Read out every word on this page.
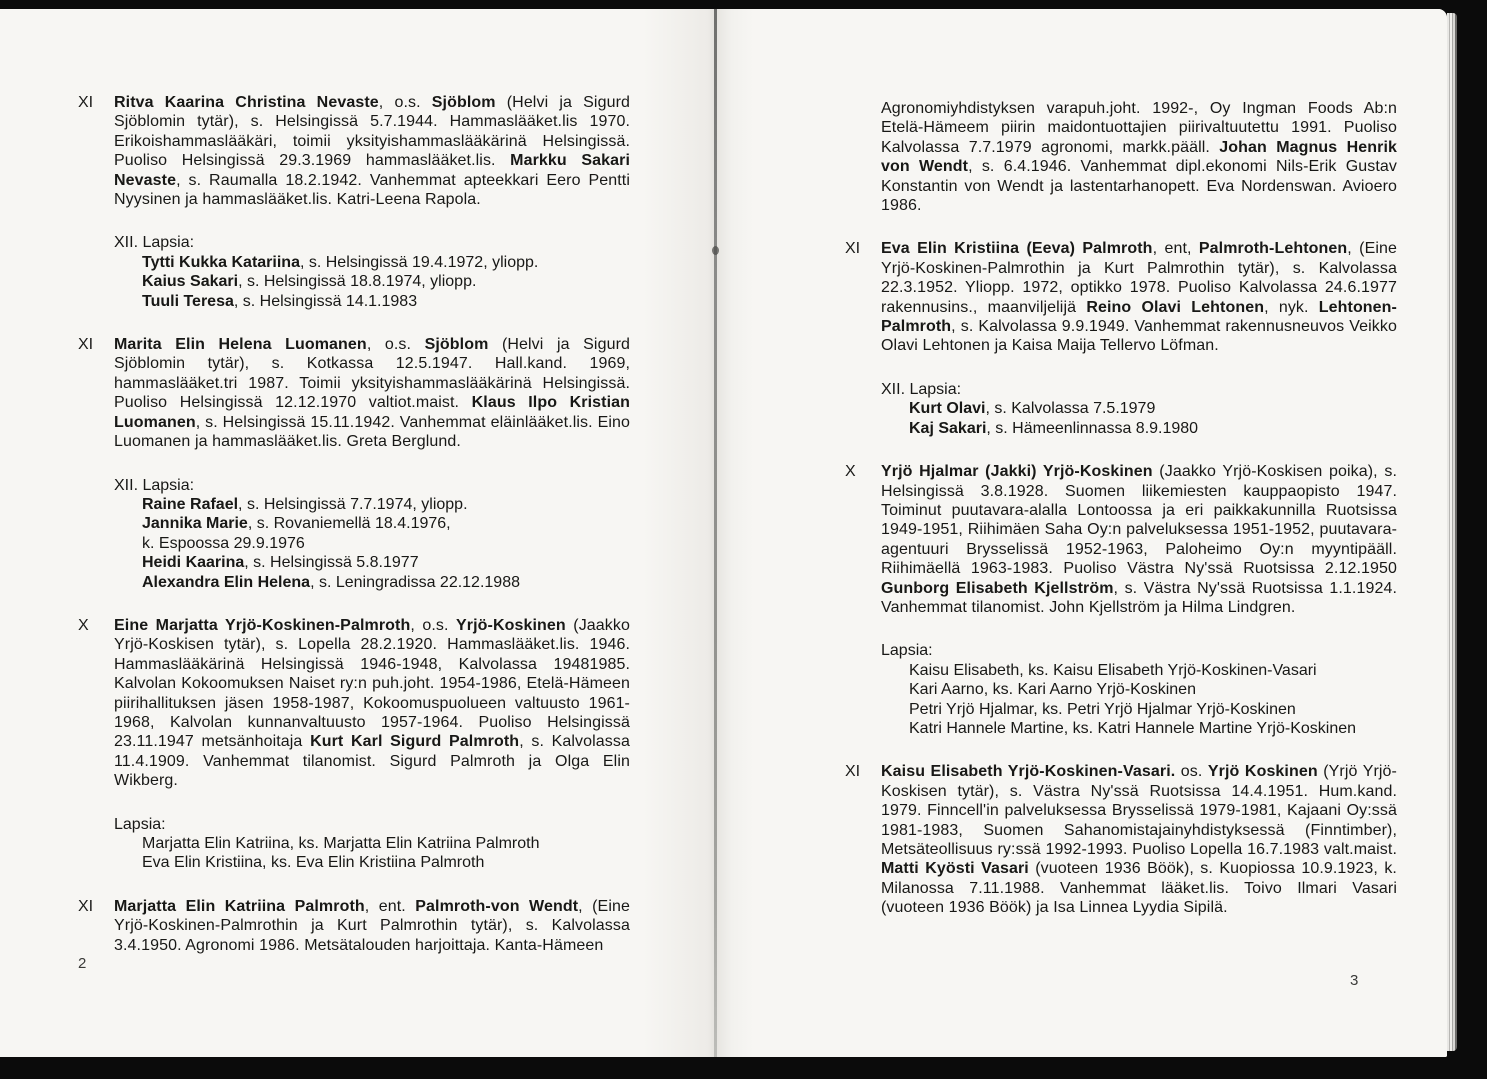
XI	Ritva Kaarina Christina Nevaste, o.s. Sjöblom (Helvi ja Sigurd Sjöblomin tytär), s. Helsingissä 5.7.1944. Hammaslääket.lis 1970. Erikoishammaslääkäri, toimii yksityishammaslääkärinä Helsingissä. Puoliso Helsingissä 29.3.1969 hammaslääket.lis. Markku Sakari Nevaste, s. Raumalla 18.2.1942. Vanhemmat apteekkari Eero Pentti Nyysinen ja hammaslääket.lis. Katri-Leena Rapola.
XII. Lapsia:
Tytti Kukka Katariina, s. Helsingissä 19.4.1972, yliopp.
Kaius Sakari, s. Helsingissä 18.8.1974, yliopp.
Tuuli Teresa, s. Helsingissä 14.1.1983
XI	Marita Elin Helena Luomanen, o.s. Sjöblom (Helvi ja Sigurd Sjöblomin tytär), s. Kotkassa 12.5.1947. Hall.kand. 1969, hammaslääket.tri 1987. Toimii yksityishammaslääkärinä Helsingissä. Puoliso Helsingissä 12.12.1970 valtiot.maist. Klaus Ilpo Kristian Luomanen, s. Helsingissä 15.11.1942. Vanhemmat eläinlääket.lis. Eino Luomanen ja hammaslääket.lis. Greta Berglund.
XII. Lapsia:
Raine Rafael, s. Helsingissä 7.7.1974, yliopp.
Jannika Marie, s. Rovaniemellä 18.4.1976,
k. Espoossa 29.9.1976
Heidi Kaarina, s. Helsingissä 5.8.1977
Alexandra Elin Helena, s. Leningradissa 22.12.1988
X	Eine Marjatta Yrjö-Koskinen-Palmroth, o.s. Yrjö-Koskinen (Jaakko Yrjö-Koskisen tytär), s. Lopella 28.2.1920. Hammaslääket.lis. 1946. Hammaslääkärinä Helsingissä 1946-1948, Kalvolassa 19481985. Kalvolan Kokoomuksen Naiset ry:n puh.joht. 1954-1986, Etelä-Hämeen piirihallituksen jäsen 1958-1987, Kokoomuspuolueen valtuusto 1961-1968, Kalvolan kunnanvaltuusto 1957-1964. Puoliso Helsingissä 23.11.1947 metsänhoitaja Kurt Karl Sigurd Palmroth, s. Kalvolassa 11.4.1909. Vanhemmat tilanomist. Sigurd Palmroth ja Olga Elin Wikberg.
Lapsia:
Marjatta Elin Katriina, ks. Marjatta Elin Katriina Palmroth
Eva Elin Kristiina, ks. Eva Elin Kristiina Palmroth
XI	Marjatta Elin Katriina Palmroth, ent. Palmroth-von Wendt, (Eine Yrjö-Koskinen-Palmrothin ja Kurt Palmrothin tytär), s. Kalvolassa 3.4.1950. Agronomi 1986. Metsätalouden harjoittaja. Kanta-Hämeen
Agronomiyhdistyksen varapuh.joht. 1992-, Oy Ingman Foods Ab:n Etelä-Hämeem piirin maidontuottajien piirivaltuutettu 1991. Puoliso Kalvolassa 7.7.1979 agronomi, markk.pääll. Johan Magnus Henrik von Wendt, s. 6.4.1946. Vanhemmat dipl.ekonomi Nils-Erik Gustav Konstantin von Wendt ja lastentarhanopett. Eva Nordenswan. Avioero 1986.
XI	Eva Elin Kristiina (Eeva) Palmroth, ent, Palmroth-Lehtonen, (Eine Yrjö-Koskinen-Palmrothin ja Kurt Palmrothin tytär), s. Kalvolassa 22.3.1952. Yliopp. 1972, optikko 1978. Puoliso Kalvolassa 24.6.1977 rakennusins., maanviljelijä Reino Olavi Lehtonen, nyk. Lehtonen-Palmroth, s. Kalvolassa 9.9.1949. Vanhemmat rakennusneuvos Veikko Olavi Lehtonen ja Kaisa Maija Tellervo Löfman.
XII. Lapsia:
Kurt Olavi, s. Kalvolassa 7.5.1979
Kaj Sakari, s. Hämeenlinnassa 8.9.1980
X	Yrjö Hjalmar (Jakki) Yrjö-Koskinen (Jaakko Yrjö-Koskisen poika), s. Helsingissä 3.8.1928. Suomen liikemiesten kauppaopisto 1947. Toiminut puutavara-alalla Lontoossa ja eri paikkakunnilla Ruotsissa 1949-1951, Riihimäen Saha Oy:n palveluksessa 1951-1952, puutavara-agentuuri Brysselissä 1952-1963, Paloheimo Oy:n myyntipääll. Riihimäellä 1963-1983. Puoliso Västra Ny'ssä Ruotsissa 2.12.1950 Gunborg Elisabeth Kjellström, s. Västra Ny'ssä Ruotsissa 1.1.1924. Vanhemmat tilanomist. John Kjellström ja Hilma Lindgren.
Lapsia:
Kaisu Elisabeth, ks. Kaisu Elisabeth Yrjö-Koskinen-Vasari
Kari Aarno, ks. Kari Aarno Yrjö-Koskinen
Petri Yrjö Hjalmar, ks. Petri Yrjö Hjalmar Yrjö-Koskinen
Katri Hannele Martine, ks. Katri Hannele Martine Yrjö-Koskinen
XI	Kaisu Elisabeth Yrjö-Koskinen-Vasari. os. Yrjö Koskinen (Yrjö Yrjö-Koskisen tytär), s. Västra Ny'ssä Ruotsissa 14.4.1951. Hum.kand. 1979. Finncell'in palveluksessa Brysselissä 1979-1981, Kajaani Oy:ssä 1981-1983, Suomen Sahanomistajainyhdistyksessä (Finntimber), Metsäteollisuus ry:ssä 1992-1993. Puoliso Lopella 16.7.1983 valt.maist. Matti Kyösti Vasari (vuoteen 1936 Böök), s. Kuopiossa 10.9.1923, k. Milanossa 7.11.1988. Vanhemmat lääket.lis. Toivo Ilmari Vasari (vuoteen 1936 Böök) ja Isa Linnea Lyydia Sipilä.
2
3
